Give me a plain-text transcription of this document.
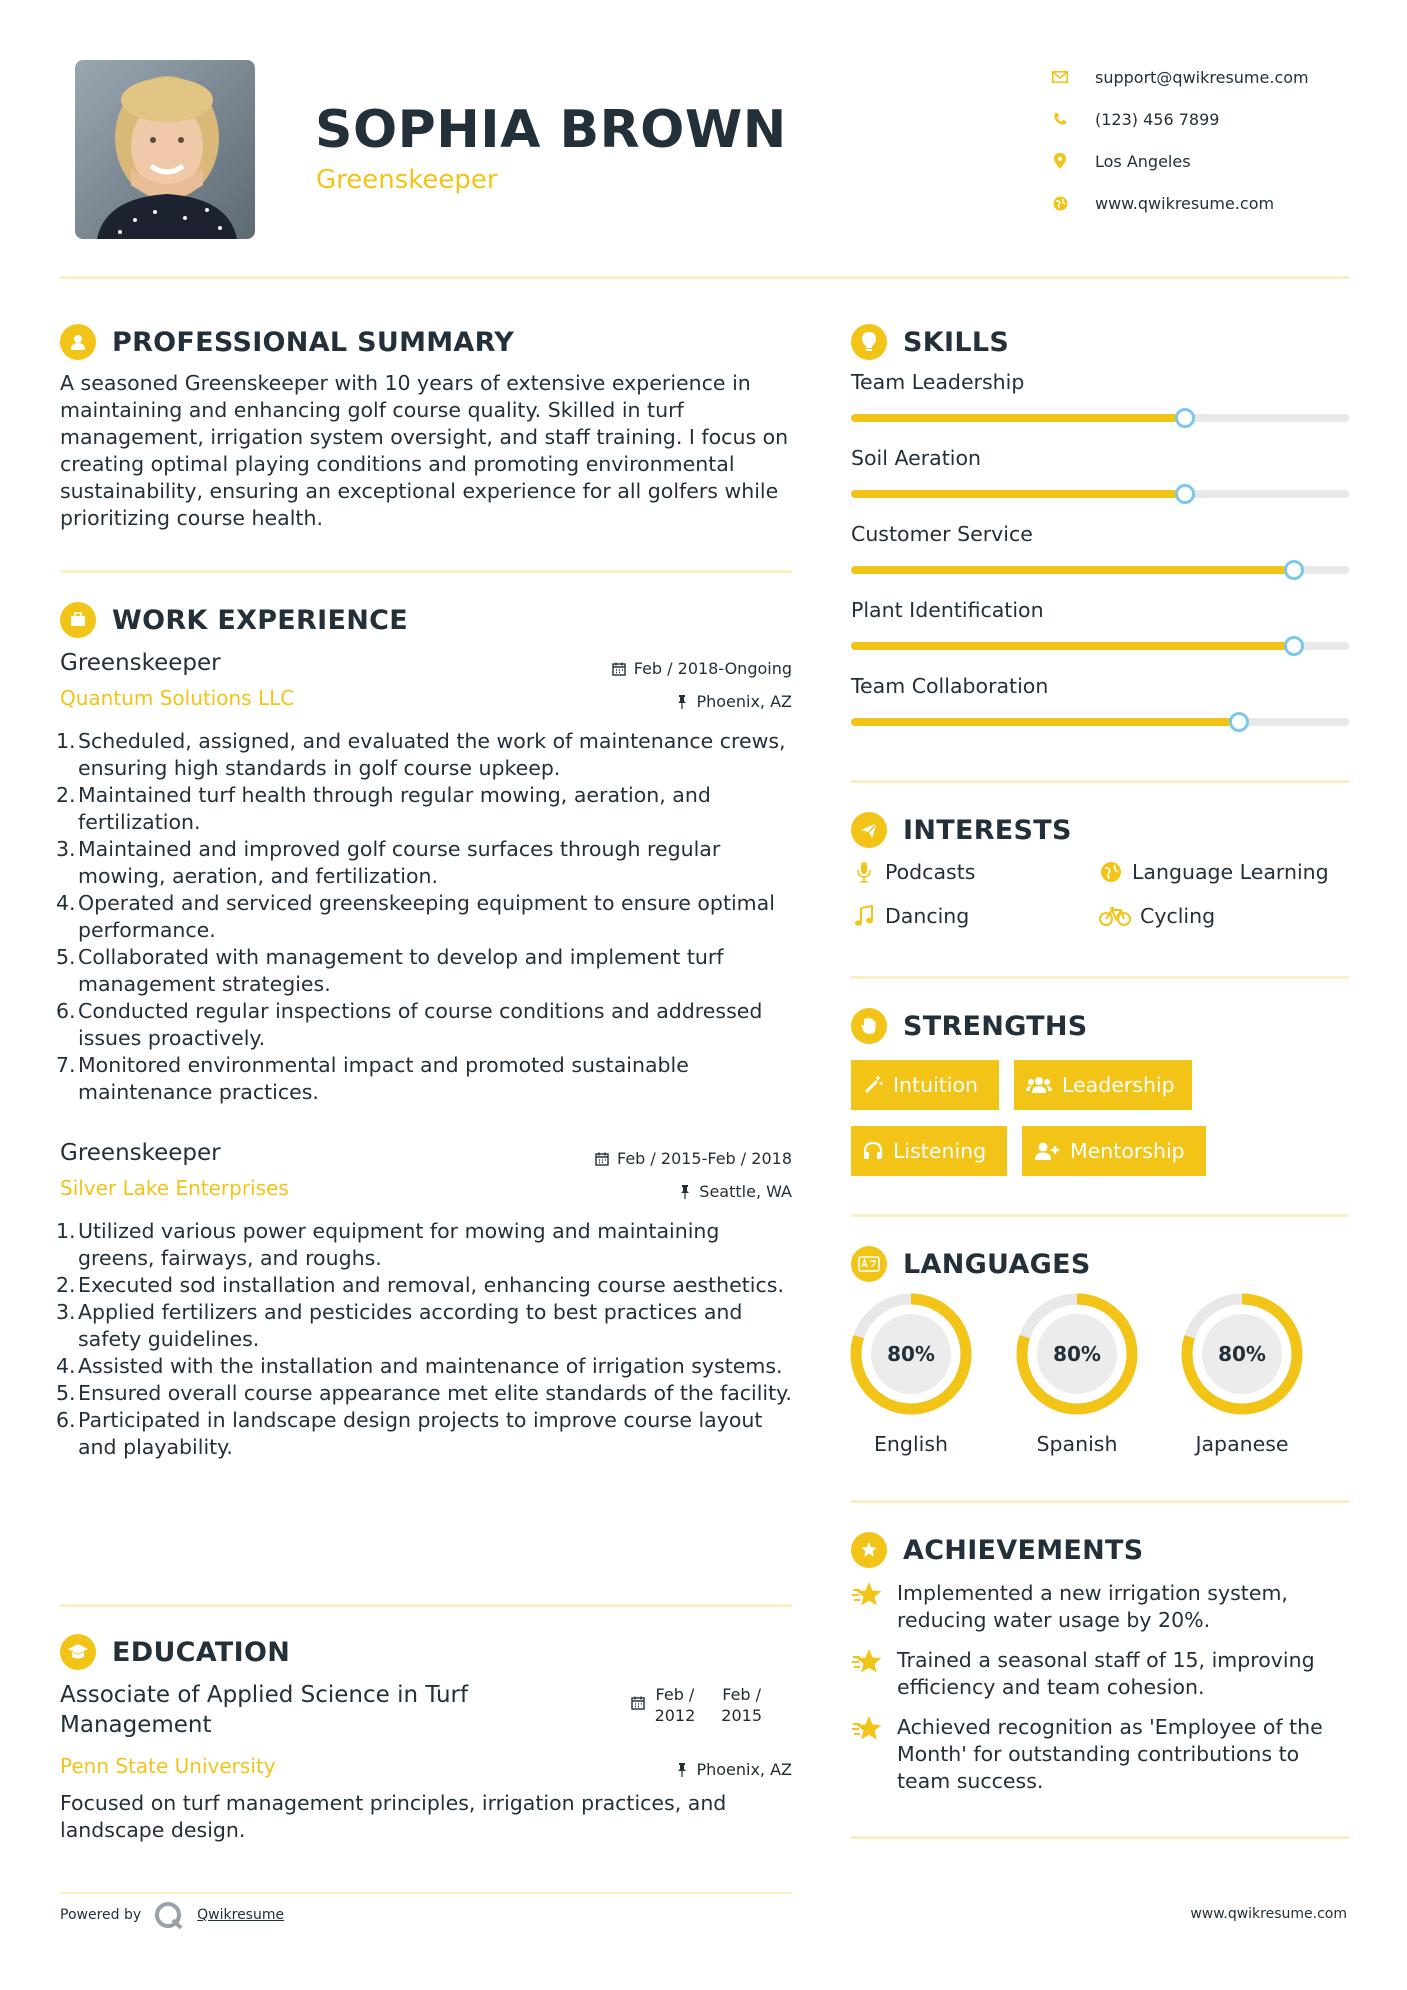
SOPHIA BROWN
Greenskeeper
support@qwikresume.com
(123) 456 7899
Los Angeles
www.qwikresume.com
PROFESSIONAL SUMMARY
A seasoned Greenskeeper with 10 years of extensive experience in maintaining and enhancing golf course quality. Skilled in turf management, irrigation system oversight, and staff training. I focus on creating optimal playing conditions and promoting environmental sustainability, ensuring an exceptional experience for all golfers while prioritizing course health.
WORK EXPERIENCE
Greenskeeper
Quantum Solutions LLC
Feb / 2018-Ongoing
Phoenix, AZ
1. Scheduled, assigned, and evaluated the work of maintenance crews, ensuring high standards in golf course upkeep.
2. Maintained turf health through regular mowing, aeration, and fertilization.
3. Maintained and improved golf course surfaces through regular mowing, aeration, and fertilization.
4. Operated and serviced greenskeeping equipment to ensure optimal performance.
5. Collaborated with management to develop and implement turf management strategies.
6. Conducted regular inspections of course conditions and addressed issues proactively.
7. Monitored environmental impact and promoted sustainable maintenance practices.
Greenskeeper
Silver Lake Enterprises
Feb / 2015-Feb / 2018
Seattle, WA
1. Utilized various power equipment for mowing and maintaining greens, fairways, and roughs.
2. Executed sod installation and removal, enhancing course aesthetics.
3. Applied fertilizers and pesticides according to best practices and safety guidelines.
4. Assisted with the installation and maintenance of irrigation systems.
5. Ensured overall course appearance met elite standards of the facility.
6. Participated in landscape design projects to improve course layout and playability.
EDUCATION
Associate of Applied Science in Turf Management
Penn State University
Focused on turf management principles, irrigation practices, and landscape design.
Feb /
2012
Feb /
2015
Phoenix, AZ
Powered by	Qwikresume	www.qwikresume.com
SKILLS
Team Leadership
Soil Aeration
Customer Service
Plant Identification
Team Collaboration
INTERESTS
Podcasts	Language Learning
Dancing	Cycling
STRENGTHS
Intuition	Leadership
Listening	Mentorship
LANGUAGES
80%
English
80%
Spanish
80%
Japanese
ACHIEVEMENTS
Implemented a new irrigation system, reducing water usage by 20%.
Trained a seasonal staff of 15, improving efficiency and team cohesion.
Achieved recognition as 'Employee of the Month' for outstanding contributions to team success.
